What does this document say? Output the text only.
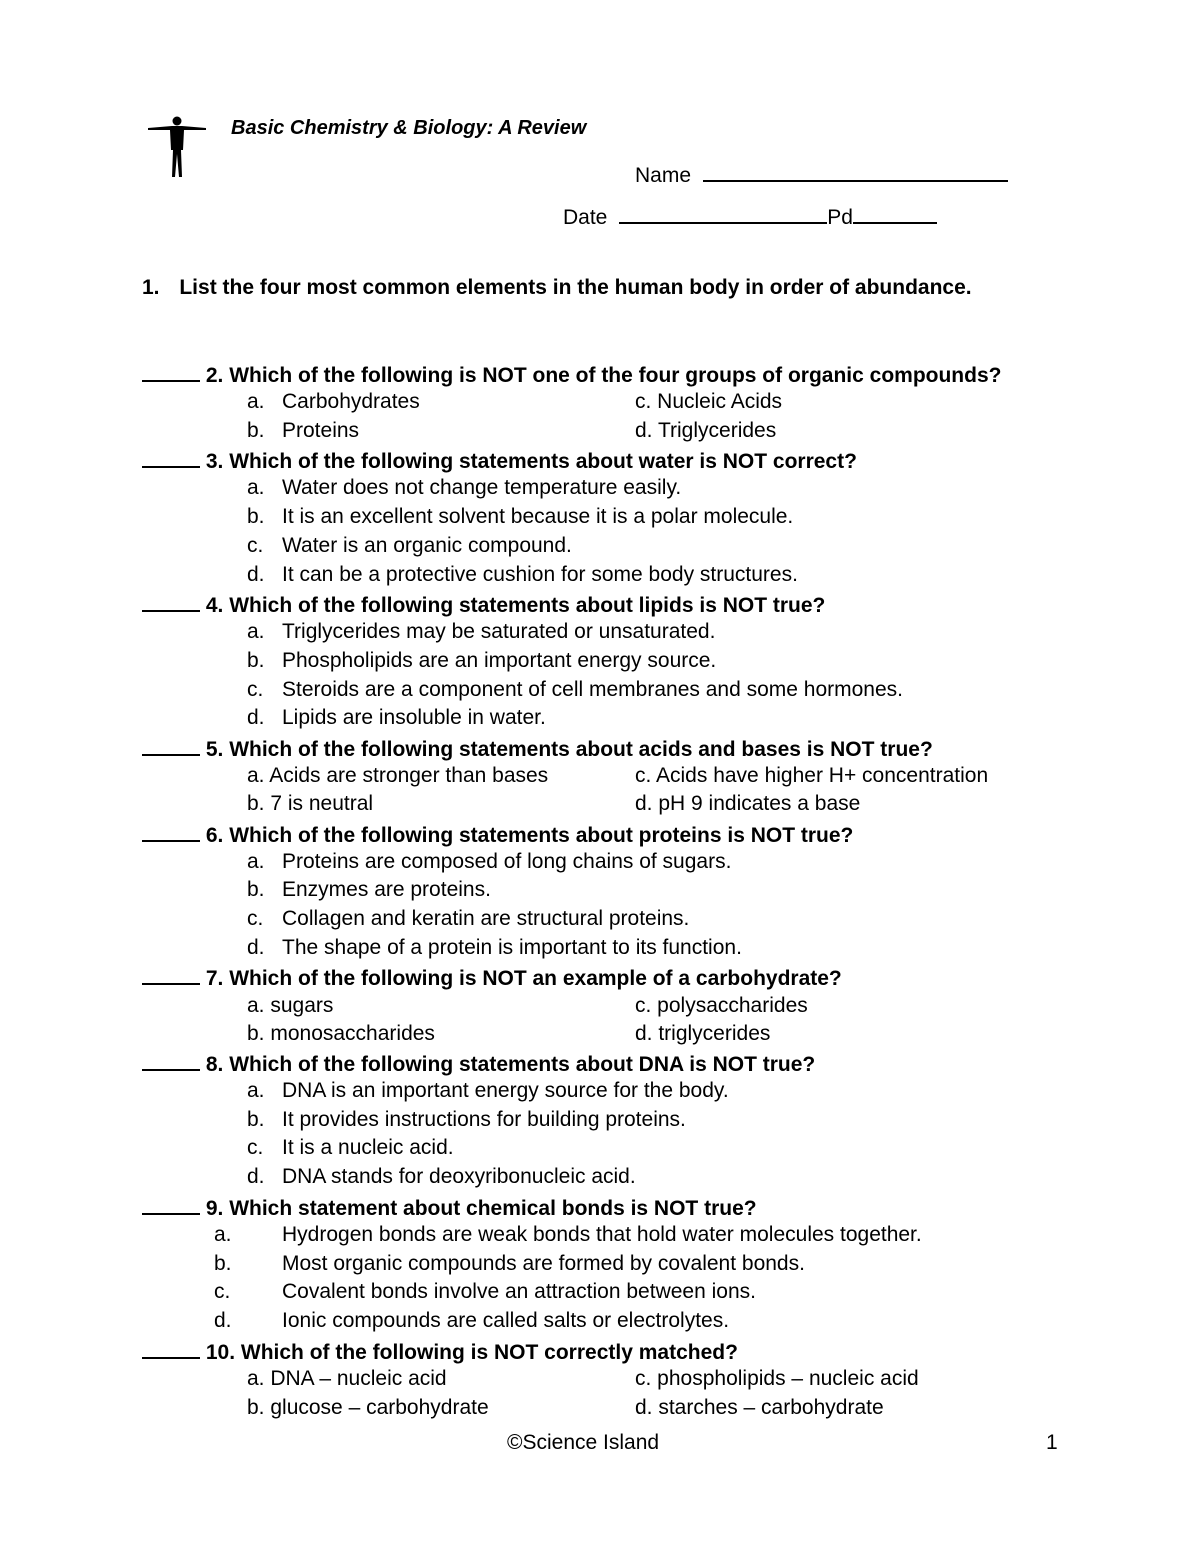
Basic Chemistry & Biology: A Review
Name
Date	Pd
1. List the four most common elements in the human body in order of abundance.
2. Which of the following is NOT one of the four groups of organic compounds?
a. Carbohydrates	c. Nucleic Acids
b. Proteins	d. Triglycerides
3. Which of the following statements about water is NOT correct?
a. Water does not change temperature easily.
b. It is an excellent solvent because it is a polar molecule.
c. Water is an organic compound.
d. It can be a protective cushion for some body structures.
4. Which of the following statements about lipids is NOT true?
a. Triglycerides may be saturated or unsaturated.
b. Phospholipids are an important energy source.
c. Steroids are a component of cell membranes and some hormones.
d. Lipids are insoluble in water.
5. Which of the following statements about acids and bases is NOT true?
a. Acids are stronger than bases	c. Acids have higher H+ concentration
b. 7 is neutral	d. pH 9 indicates a base
6. Which of the following statements about proteins is NOT true?
a. Proteins are composed of long chains of sugars.
b. Enzymes are proteins.
c. Collagen and keratin are structural proteins.
d. The shape of a protein is important to its function.
7. Which of the following is NOT an example of a carbohydrate?
a. sugars	c. polysaccharides
b. monosaccharides	d. triglycerides
8. Which of the following statements about DNA is NOT true?
a. DNA is an important energy source for the body.
b. It provides instructions for building proteins.
c. It is a nucleic acid.
d. DNA stands for deoxyribonucleic acid.
9. Which statement about chemical bonds is NOT true?
a. Hydrogen bonds are weak bonds that hold water molecules together.
b. Most organic compounds are formed by covalent bonds.
c. Covalent bonds involve an attraction between ions.
d. Ionic compounds are called salts or electrolytes.
10. Which of the following is NOT correctly matched?
a. DNA – nucleic acid	c. phospholipids – nucleic acid
b. glucose – carbohydrate	d. starches – carbohydrate
©Science Island	1
